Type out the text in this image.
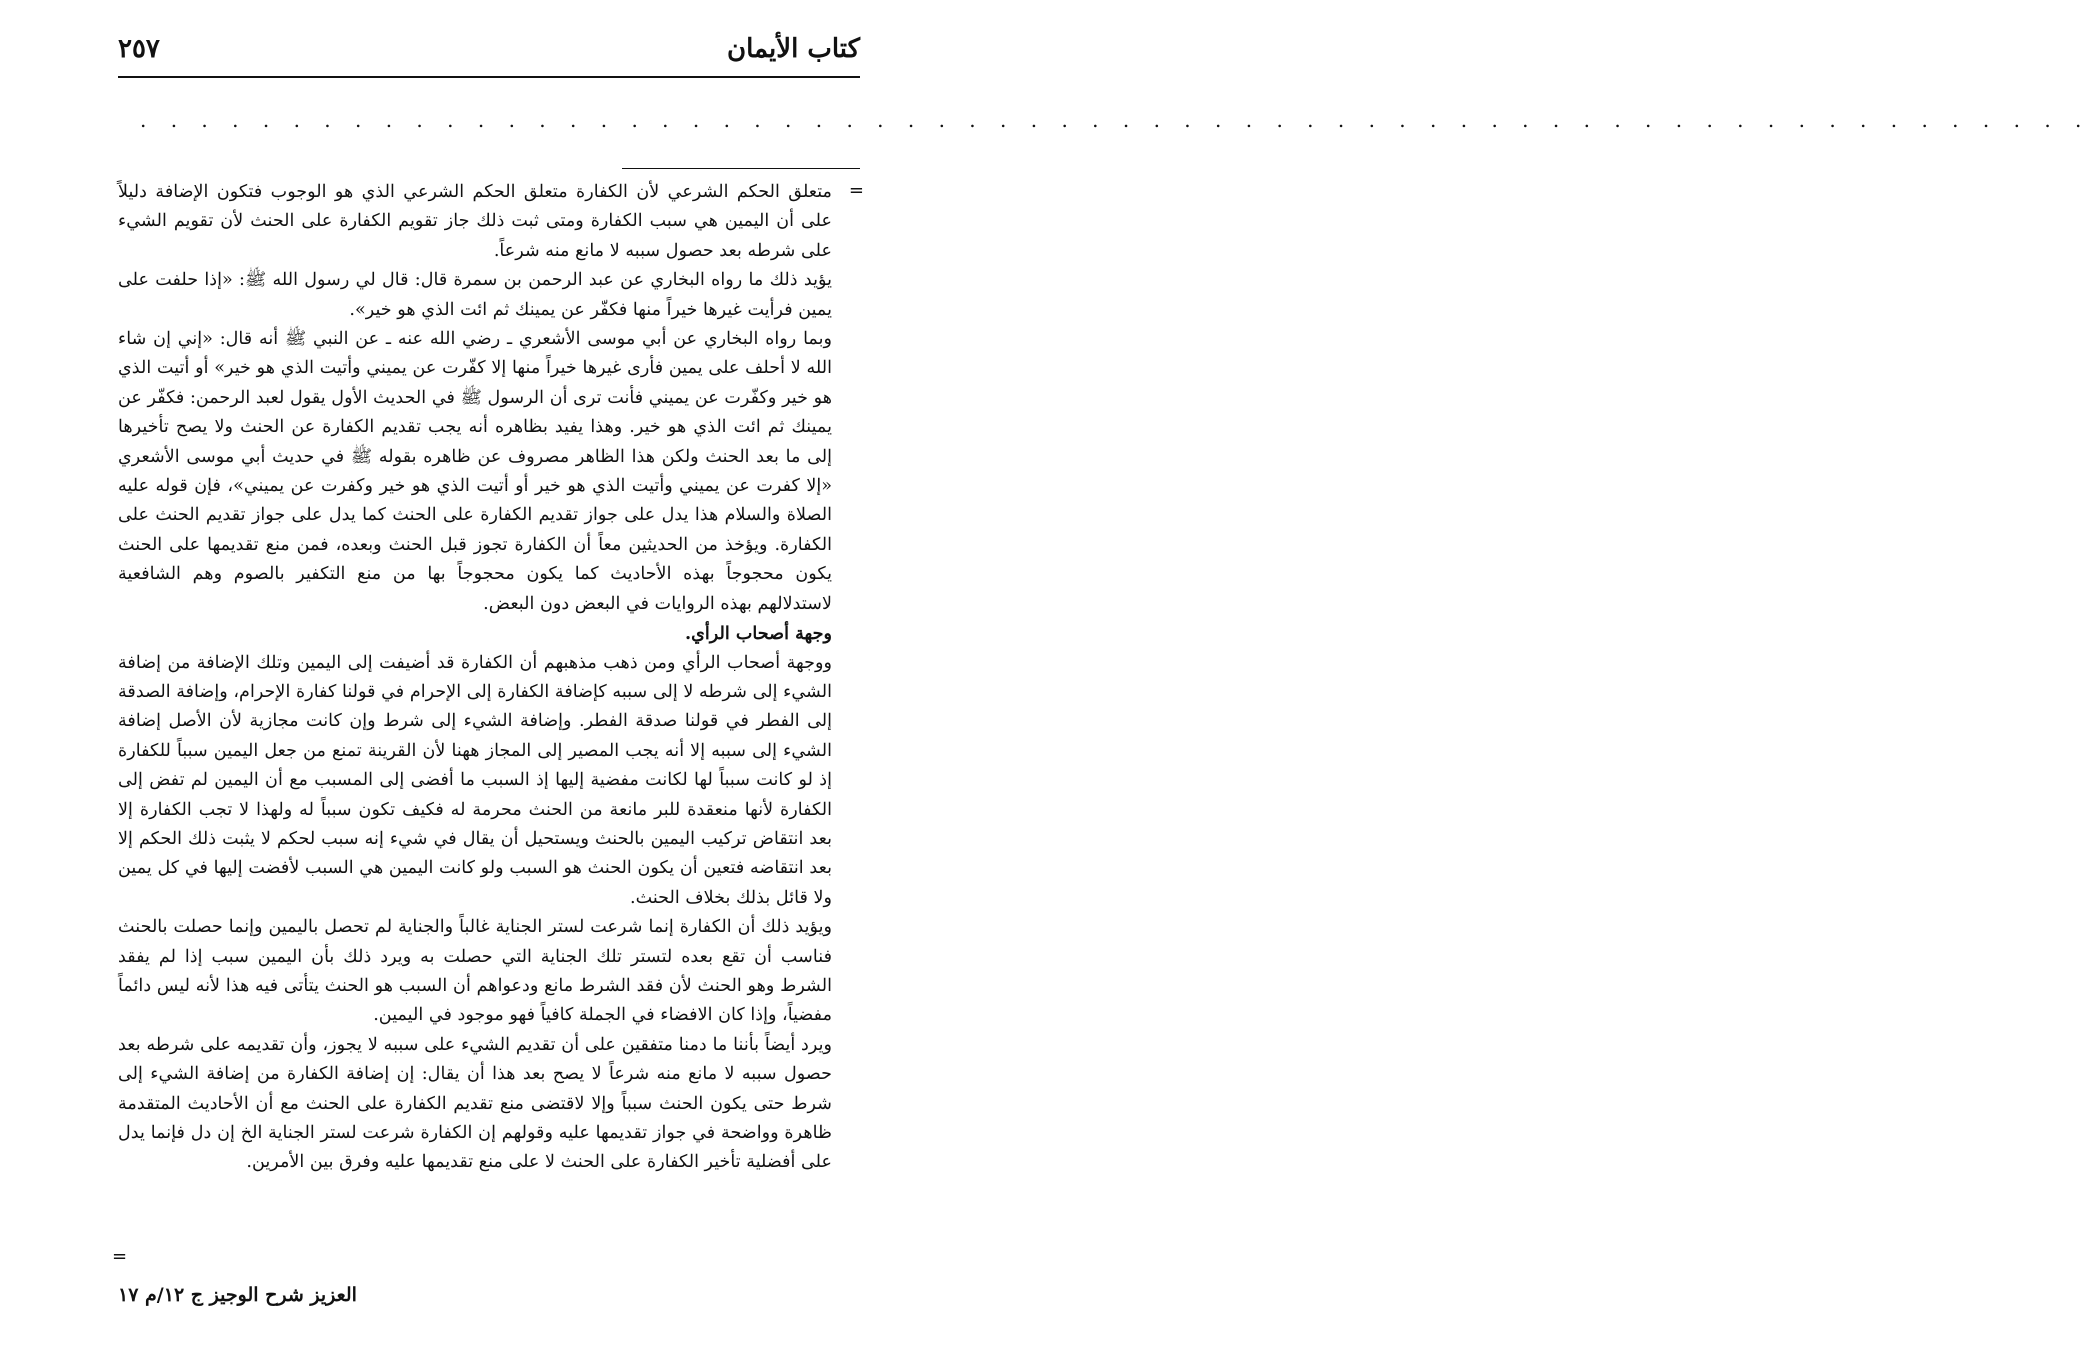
كتاب الأيمان
٢٥٧
. . . . . . . . . . . . . . . . . . . . . . . . . . . . . . . . . . . . . . . . . . . . . . . . . . . . . . . . . . . . . . . .
=

متعلق الحكم الشرعي لأن الكفارة متعلق الحكم الشرعي الذي هو الوجوب فتكون الإضافة دليلاً على أن اليمين هي سبب الكفارة ومتى ثبت ذلك جاز تقويم الكفارة على الحنث لأن تقويم الشيء على شرطه بعد حصول سببه لا مانع منه شرعاً.

يؤيد ذلك ما رواه البخاري عن عبد الرحمن بن سمرة قال: قال لي رسول الله ﷺ: «إذا حلفت على يمين فرأيت غيرها خيراً منها فكفّر عن يمينك ثم ائت الذي هو خير».

وبما رواه البخاري عن أبي موسى الأشعري ـ رضي الله عنه ـ عن النبي ﷺ أنه قال: «إني إن شاء الله لا أحلف على يمين فأرى غيرها خيراً منها إلا كفّرت عن يميني وأتيت الذي هو خير» أو أتيت الذي هو خير وكفّرت عن يميني فأنت ترى أن الرسول ﷺ في الحديث الأول يقول لعبد الرحمن: فكفّر عن يمينك ثم ائت الذي هو خير. وهذا يفيد بظاهره أنه يجب تقديم الكفارة عن الحنث ولا يصح تأخيرها إلى ما بعد الحنث ولكن هذا الظاهر مصروف عن ظاهره بقوله ﷺ في حديث أبي موسى الأشعري «إلا كفرت عن يميني وأتيت الذي هو خير أو أتيت الذي هو خير وكفرت عن يميني»، فإن قوله عليه الصلاة والسلام هذا يدل على جواز تقديم الكفارة على الحنث كما يدل على جواز تقديم الحنث على الكفارة. ويؤخذ من الحديثين معاً أن الكفارة تجوز قبل الحنث وبعده، فمن منع تقديمها على الحنث يكون محجوجاً بهذه الأحاديث كما يكون محجوجاً بها من منع التكفير بالصوم وهم الشافعية لاستدلالهم بهذه الروايات في البعض دون البعض.

وجهة أصحاب الرأي.

ووجهة أصحاب الرأي ومن ذهب مذهبهم أن الكفارة قد أضيفت إلى اليمين وتلك الإضافة من إضافة الشيء إلى شرطه لا إلى سببه كإضافة الكفارة إلى الإحرام في قولنا كفارة الإحرام، وإضافة الصدقة إلى الفطر في قولنا صدقة الفطر. وإضافة الشيء إلى شرط وإن كانت مجازية لأن الأصل إضافة الشيء إلى سببه إلا أنه يجب المصير إلى المجاز ههنا لأن القرينة تمنع من جعل اليمين سبباً للكفارة إذ لو كانت سبباً لها لكانت مفضية إليها إذ السبب ما أفضى إلى المسبب مع أن اليمين لم تفض إلى الكفارة لأنها منعقدة للبر مانعة من الحنث محرمة له فكيف تكون سبباً له ولهذا لا تجب الكفارة إلا بعد انتقاض تركيب اليمين بالحنث ويستحيل أن يقال في شيء إنه سبب لحكم لا يثبت ذلك الحكم إلا بعد انتقاضه فتعين أن يكون الحنث هو السبب ولو كانت اليمين هي السبب لأفضت إليها في كل يمين ولا قائل بذلك بخلاف الحنث.

ويؤيد ذلك أن الكفارة إنما شرعت لستر الجناية غالباً والجناية لم تحصل باليمين وإنما حصلت بالحنث فناسب أن تقع بعده لتستر تلك الجناية التي حصلت به ويرد ذلك بأن اليمين سبب إذا لم يفقد الشرط وهو الحنث لأن فقد الشرط مانع ودعواهم أن السبب هو الحنث يتأتى فيه هذا لأنه ليس دائماً مفضياً، وإذا كان الافضاء في الجملة كافياً فهو موجود في اليمين.

ويرد أيضاً بأننا ما دمنا متفقين على أن تقديم الشيء على سببه لا يجوز، وأن تقديمه على شرطه بعد حصول سببه لا مانع منه شرعاً لا يصح بعد هذا أن يقال: إن إضافة الكفارة من إضافة الشيء إلى شرط حتى يكون الحنث سبباً وإلا لاقتضى منع تقديم الكفارة على الحنث مع أن الأحاديث المتقدمة ظاهرة وواضحة في جواز تقديمها عليه وقولهم إن الكفارة شرعت لستر الجناية الخ إن دل فإنما يدل على أفضلية تأخير الكفارة على الحنث لا على منع تقديمها عليه وفرق بين الأمرين.

=
العزيز شرح الوجيز ج ١٢/م ١٧
